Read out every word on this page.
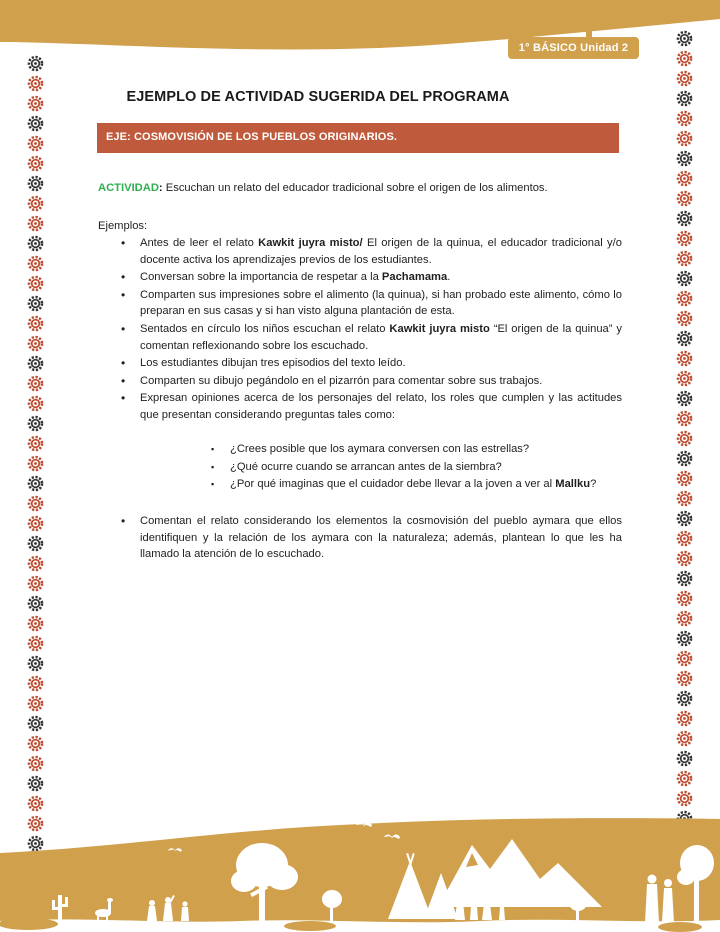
1° BÁSICO Unidad 2
EJEMPLO DE ACTIVIDAD SUGERIDA DEL PROGRAMA
EJE: COSMOVISIÓN DE LOS PUEBLOS ORIGINARIOS.
ACTIVIDAD: Escuchan un relato del educador tradicional sobre el origen de los alimentos.
Ejemplos:
• Antes de leer el relato Kawkit juyra misto/ El origen de la quinua, el educador tradicional y/o docente activa los aprendizajes previos de los estudiantes.
• Conversan sobre la importancia de respetar a la Pachamama.
• Comparten sus impresiones sobre el alimento (la quinua), si han probado este alimento, cómo lo preparan en sus casas y si han visto alguna plantación de esta.
• Sentados en círculo los niños escuchan el relato Kawkit juyra misto “El origen de la quinua” y comentan reflexionando sobre los escuchado.
• Los estudiantes dibujan tres episodios del texto leído.
• Comparten su dibujo pegándolo en el pizarrón para comentar sobre sus trabajos.
• Expresan opiniones acerca de los personajes del relato, los roles que cumplen y las actitudes que presentan considerando preguntas tales como:
▪ ¿Crees posible que los aymara conversen con las estrellas?
▪ ¿Qué ocurre cuando se arrancan antes de la siembra?
▪ ¿Por qué imaginas que el cuidador debe llevar a la joven a ver al Mallku?
• Comentan el relato considerando los elementos la cosmovisión del pueblo aymara que ellos identifiquen y la relación de los aymara con la naturaleza; además, plantean lo que les ha llamado la atención de lo escuchado.
